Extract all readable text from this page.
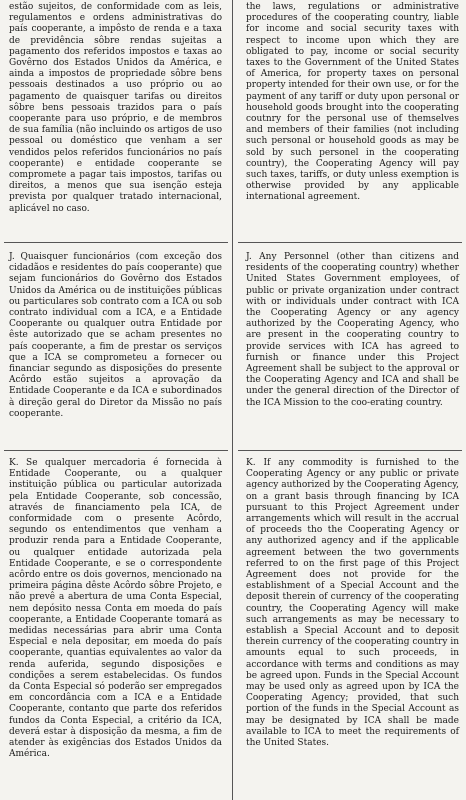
estão sujeitos, de conformidade com as leis, regulamentos e ordens administrativas do país cooperante, a impôsto de renda e a taxa de previdência sôbre rendas sujeitas a pagamento dos referidos impostos e taxas ao Govêrno dos Estados Unidos da América, e ainda a impostos de propriedade sôbre bens pessoais destinados a uso próprio ou ao pagamento de quaisquer tarifas ou direitos sôbre bens pessoais trazidos para o país cooperante para uso próprio, e de membros de sua família (não incluindo os artigos de uso pessoal ou doméstico que venham a ser vendidos pelos referidos funcionários no país cooperante) e entidade cooperante se compromete a pagar tais impostos, tarifas ou direitos, a menos que sua isenção esteja prevista por qualquer tratado internacional, aplicável no caso.
J. Quaisquer funcionários (com exceção dos cidadãos e residentes do país cooperante) que sejam funcionários do Govêrno dos Estados Unidos da América ou de instituições públicas ou particulares sob contrato com a ICA ou sob contrato individual com a ICA, e a Entidade Cooperante ou qualquer outra Entidade por êste autorizado que se acham presentes no país cooperante, a fim de prestar os serviços que a ICA se comprometeu a fornecer ou financiar segundo as disposições do presente Acôrdo estão sujeitos a aprovação da Entidade Cooperante e da ICA e subordinados à direção geral do Diretor da Missão no país cooperante.
K. Se qualquer mercadoria é fornecida à Entidade Cooperante, ou a qualquer instituição pública ou particular autorizada pela Entidade Cooperante, sob concessão, através de financiamento pela ICA, de conformidade com o presente Acôrdo, segundo os entendimentos que venham a produzir renda para a Entidade Cooperante, ou qualquer entidade autorizada pela Entidade Cooperante, e se o correspondente acôrdo entre os dois governos, mencionado na primeira página dêste Acôrdo sôbre Projeto, e não prevê a abertura de uma Conta Especial, nem depósito nessa Conta em moeda do país cooperante, a Entidade Cooperante tomará as medidas necessárias para abrir uma Conta Especial e nela depositar, em moeda do país cooperante, quantias equivalentes ao valor da renda auferida, segundo disposições e condições a serem estabelecidas. Os fundos da Conta Especial só poderão ser empregados em concordância com a ICA e a Entidade Cooperante, contanto que parte dos referidos fundos da Conta Especial, a critério da ICA, deverá estar à disposição da mesma, a fim de atender às exigências dos Estados Unidos da América.
the laws, regulations or administrative procedures of the cooperating country, liable for income and social security taxes with respect to income upon which they are obligated to pay, income or social security taxes to the Government of the United States of America, for property taxes on personal property intended for their own use, or for the payment of any tariff or duty upon personal or household goods brought into the cooperating coutnry for the personal use of themselves and members of their families (not including such personal or household goods as may be sold by such personel in the cooperating country), the Cooperating Agency will pay such taxes, tariffs, or duty unless exemption is otherwise provided by any applicable international agreement.
J. Any Personnel (other than citizens and residents of the cooperating country) whether United States Government employees, of public or private organization under contract with or individuals under contract with ICA the Cooperating Agency or any agency authorized by the Cooperating Agency, who are present in the cooperating country to provide services with ICA has agreed to furnish or finance under this Project Agreement shall be subject to the approval or the Cooperating Agency and ICA and shall be under the general direction of the Director of the ICA Mission to the coo-erating country.
K. If any commodity is furnished to the Cooperating Agency or any public or private agency authorized by the Cooperating Agency, on a grant basis through financing by ICA pursuant to this Project Agreement under arrangements which will result in the accrual of proceeds tho the Cooperating Agency or any authorized agency and if the applicable agreement between the two governments referred to on the first page of this Project Agreement does not provide for the establishment of a Special Account and the deposit therein of currency of the cooperating country, the Cooperating Agency will make such arrangements as may be necessary to establish a Special Account and to deposit therein currency of the cooperating country in amounts equal to such proceeds, in accordance with terms and conditions as may be agreed upon. Funds in the Special Account may be used only as agreed upon by ICA the Cooperating Agency; provided, that such portion of the funds in the Special Account as may be designated by ICA shall be made available to ICA to meet the requirements of the United States.
